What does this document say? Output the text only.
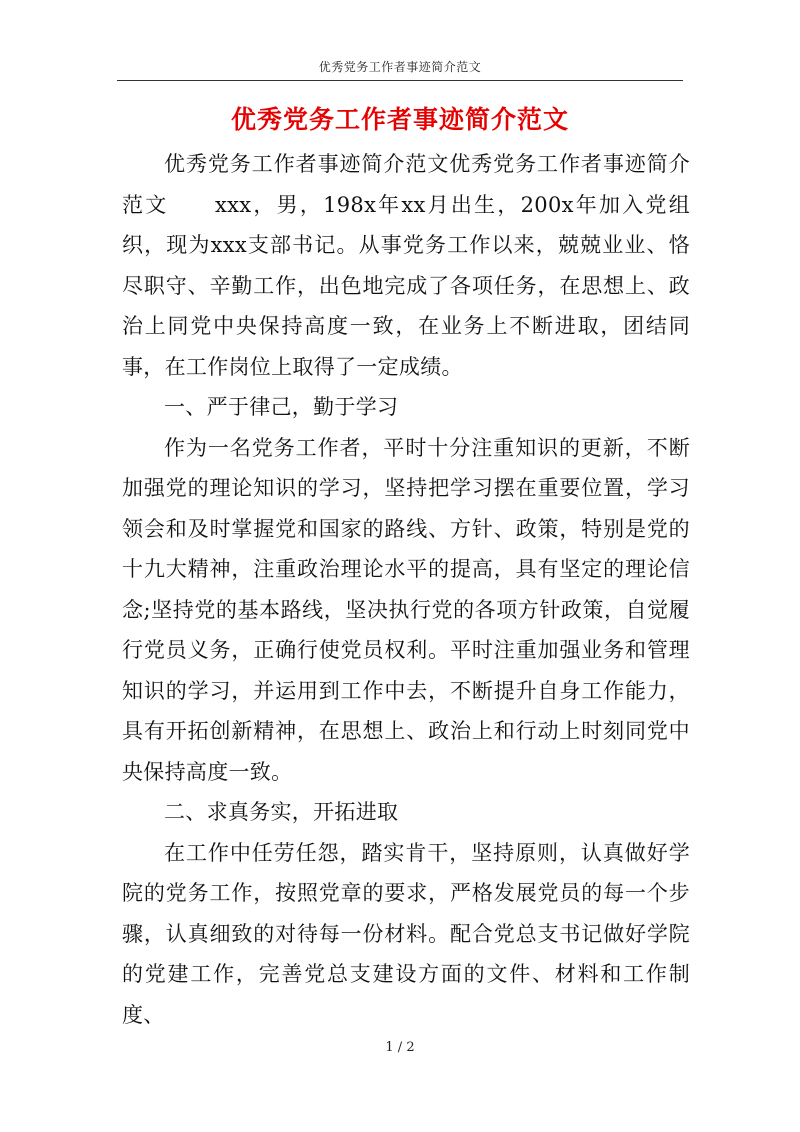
优秀党务工作者事迹简介范文
优秀党务工作者事迹简介范文

优秀党务工作者事迹简介范文优秀党务工作者事迹简介范文　　xxx，男，198x年xx月出生，200x年加入党组织，现为xxx支部书记。从事党务工作以来，兢兢业业、恪尽职守、辛勤工作，出色地完成了各项任务，在思想上、政治上同党中央保持高度一致，在业务上不断进取，团结同事，在工作岗位上取得了一定成绩。

一、严于律己，勤于学习

作为一名党务工作者，平时十分注重知识的更新，不断加强党的理论知识的学习，坚持把学习摆在重要位置，学习领会和及时掌握党和国家的路线、方针、政策，特别是党的十九大精神，注重政治理论水平的提高，具有坚定的理论信念;坚持党的基本路线，坚决执行党的各项方针政策，自觉履行党员义务，正确行使党员权利。平时注重加强业务和管理知识的学习，并运用到工作中去，不断提升自身工作能力，具有开拓创新精神，在思想上、政治上和行动上时刻同党中央保持高度一致。

二、求真务实，开拓进取

在工作中任劳任怨，踏实肯干，坚持原则，认真做好学院的党务工作，按照党章的要求，严格发展党员的每一个步骤，认真细致的对待每一份材料。配合党总支书记做好学院的党建工作，完善党总支建设方面的文件、材料和工作制度、

1 / 2
